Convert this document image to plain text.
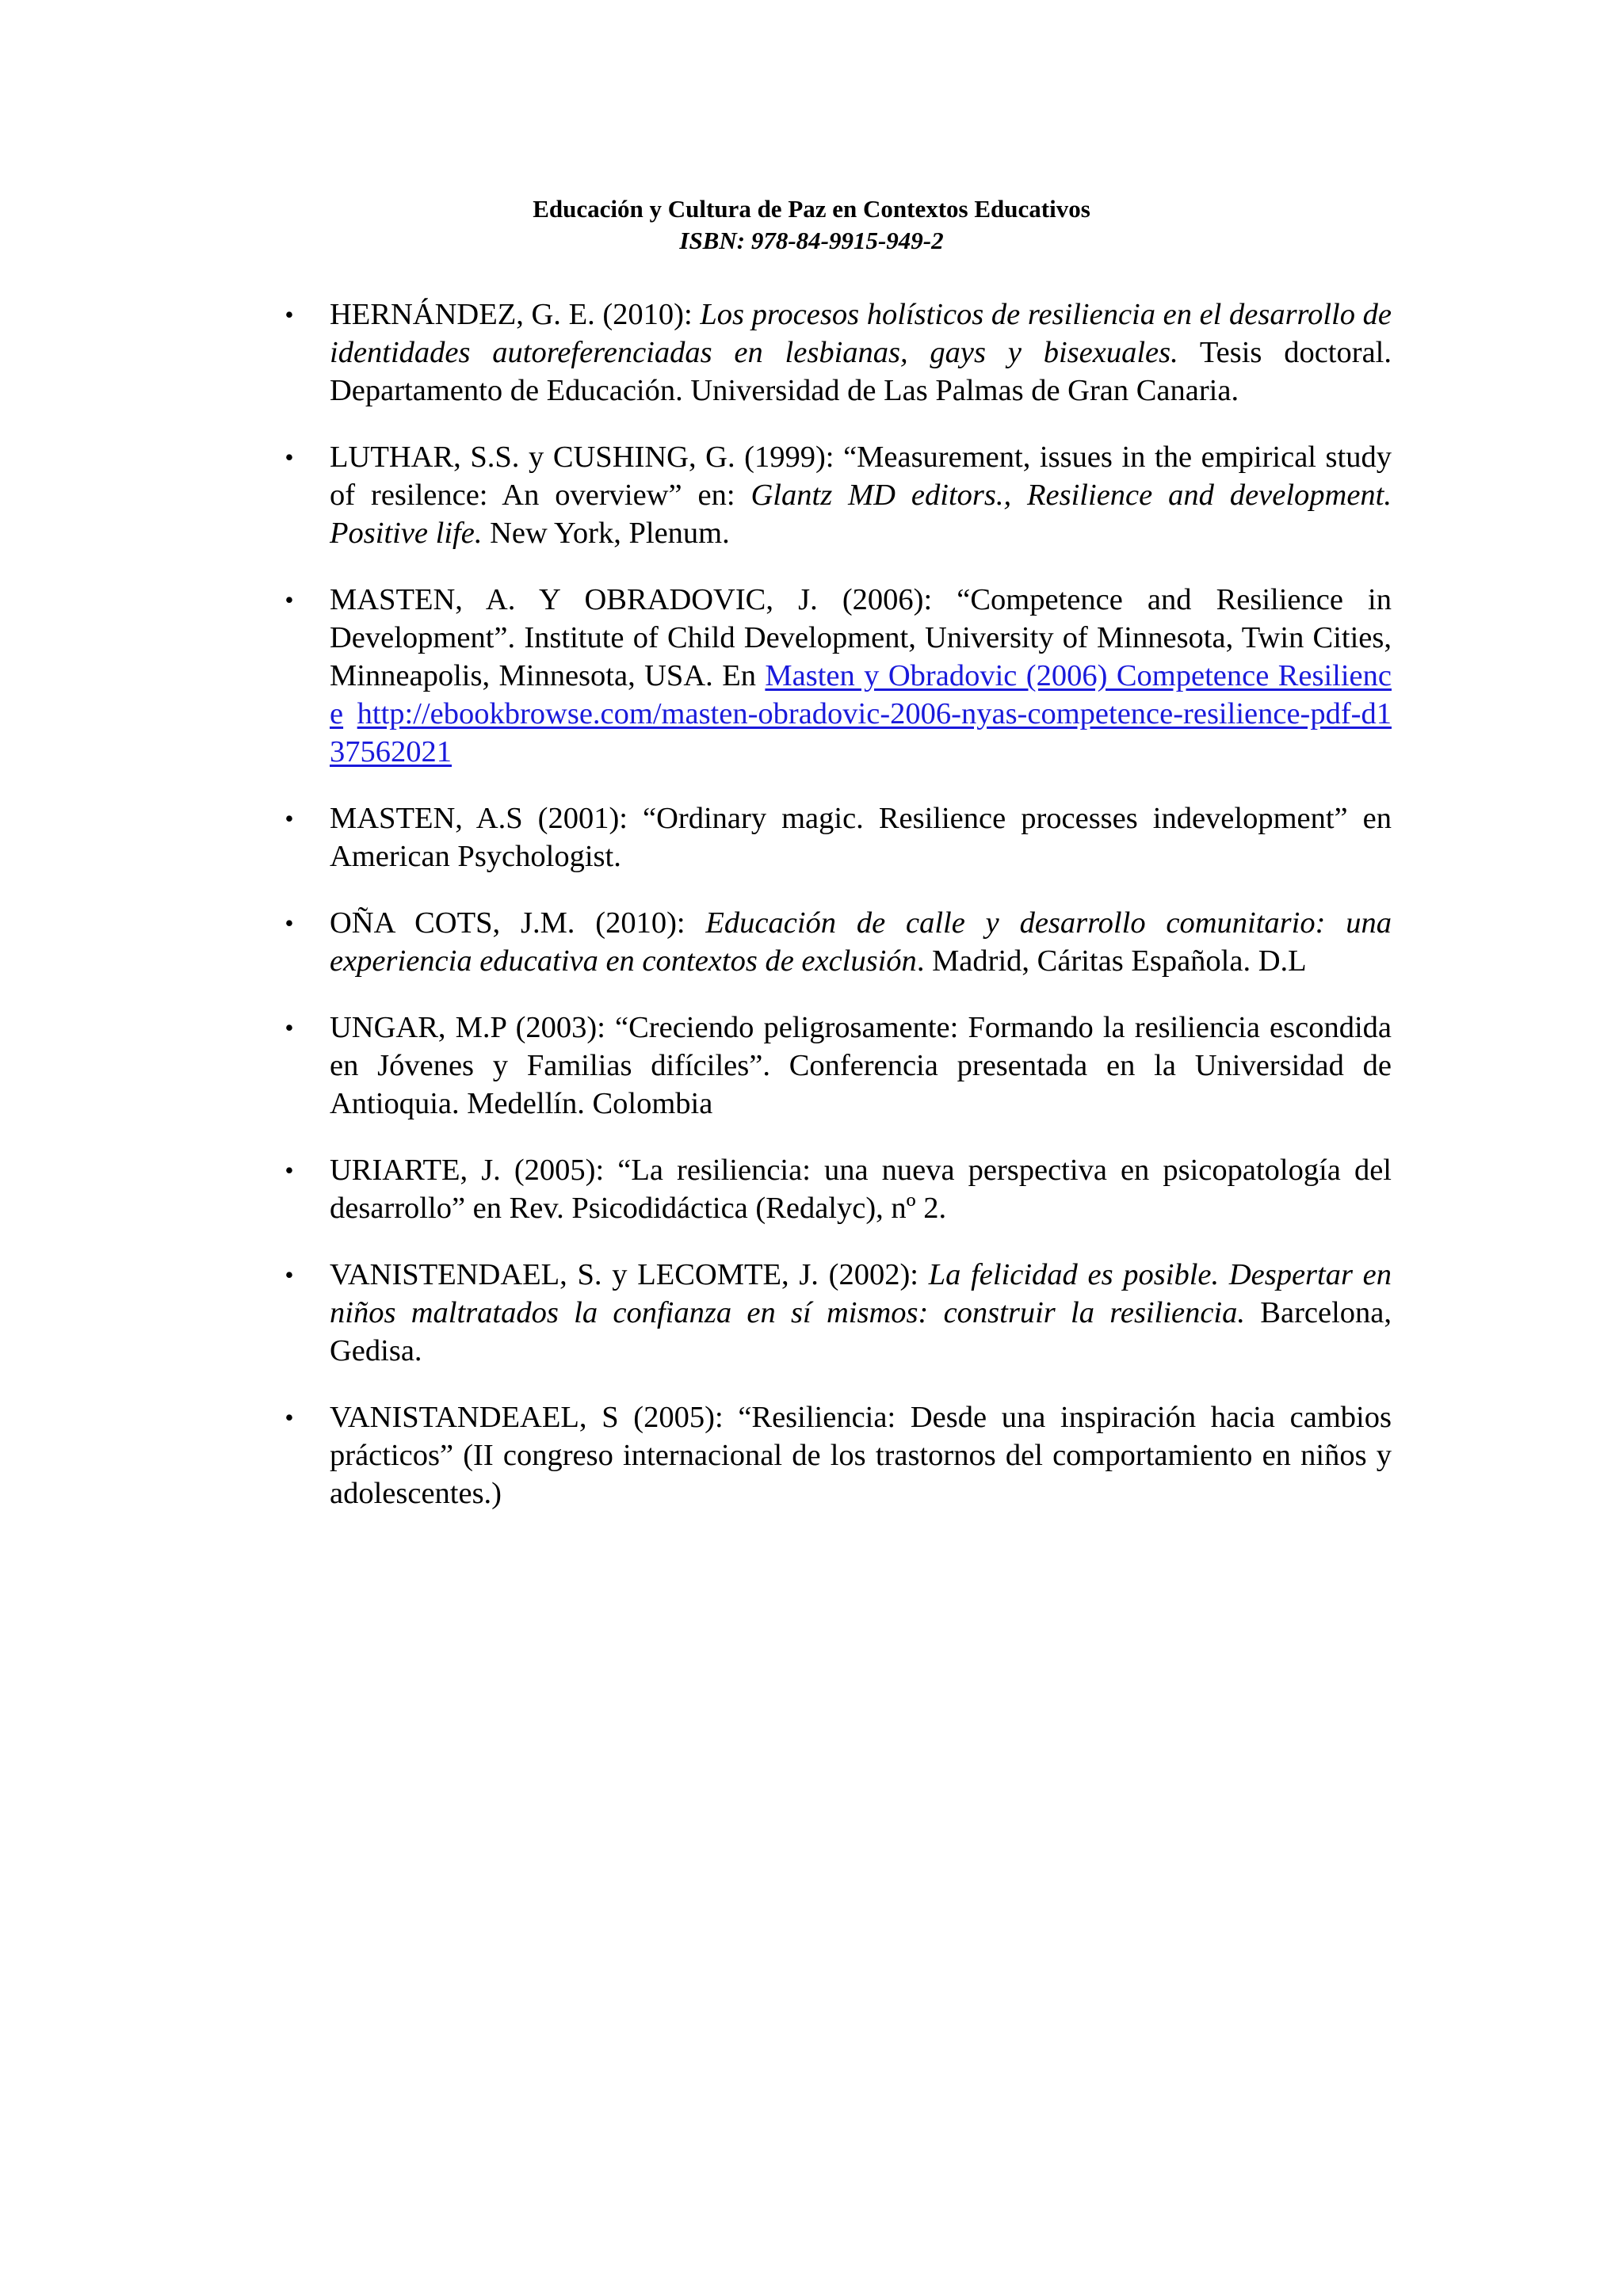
Educación y Cultura de Paz en Contextos Educativos
ISBN: 978-84-9915-949-2
• HERNÁNDEZ, G. E. (2010): Los procesos holísticos de resiliencia en el desarrollo de identidades autoreferenciadas en lesbianas, gays y bisexuales. Tesis doctoral. Departamento de Educación. Universidad de Las Palmas de Gran Canaria.
• LUTHAR, S.S. y CUSHING, G. (1999): “Measurement, issues in the empirical study of resilence: An overview” en: Glantz MD editors., Resilience and development. Positive life. New York, Plenum.
• MASTEN, A. Y OBRADOVIC, J. (2006): “Competence and Resilience in Development”. Institute of Child Development, University of Minnesota, Twin Cities, Minneapolis, Minnesota, USA. En Masten y Obradovic (2006) Competence Resilience http://ebookbrowse.com/masten-obradovic-2006-nyas-competence-resilience-pdf-d137562021
• MASTEN, A.S (2001): “Ordinary magic. Resilience processes indevelopment” en American Psychologist.
• OÑA COTS, J.M. (2010): Educación de calle y desarrollo comunitario: una experiencia educativa en contextos de exclusión. Madrid, Cáritas Española. D.L
• UNGAR, M.P (2003): “Creciendo peligrosamente: Formando la resiliencia escondida en Jóvenes y Familias difíciles”. Conferencia presentada en la Universidad de Antioquia. Medellín. Colombia
• URIARTE, J. (2005): “La resiliencia: una nueva perspectiva en psicopatología del desarrollo” en Rev. Psicodidáctica (Redalyc), nº 2.
• VANISTENDAEL, S. y LECOMTE, J. (2002): La felicidad es posible. Despertar en niños maltratados la confianza en sí mismos: construir la resiliencia. Barcelona, Gedisa.
• VANISTANDEAEL, S (2005): “Resiliencia: Desde una inspiración hacia cambios prácticos” (II congreso internacional de los trastornos del comportamiento en niños y adolescentes.)
